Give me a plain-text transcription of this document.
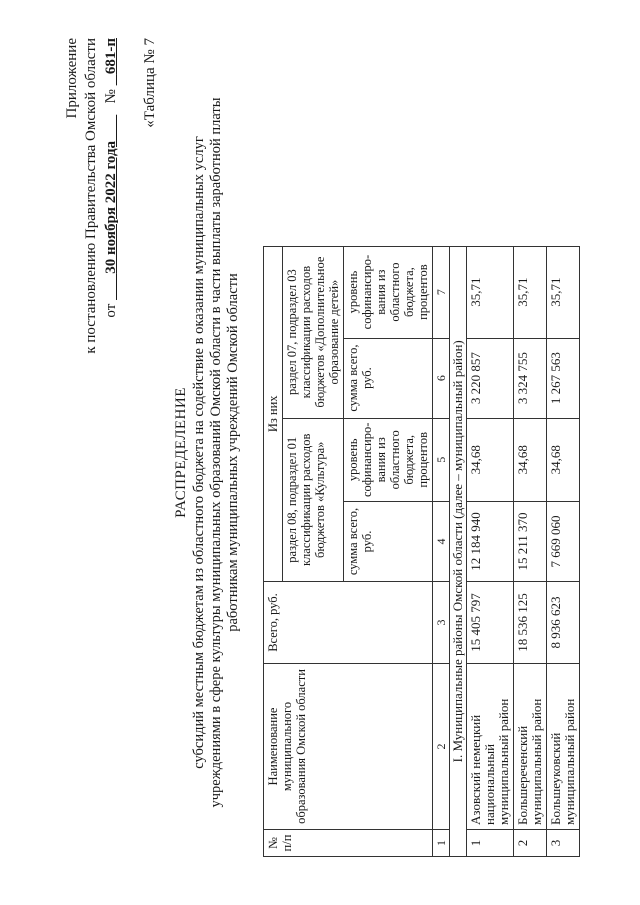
Приложение к постановлению Правительства Омской области от        30 ноября 2022 года          №    681-п «Таблица № 7
РАСПРЕДЕЛЕНИЕ субсидий местным бюджетам из областного бюджета на содействие в оказании муниципальных услуг учреждениями в сфере культуры муниципальных образований Омской области в части выплаты заработной платы работникам муниципальных учреждений Омской области
№ п/п	Наименование муниципального образования Омской области	Всего, руб.	Из них			
			раздел 08, подраздел 01 классификации расходов бюджетов «Культура»		раздел 07, подраздел 03 классификации расходов бюджетов «Дополнительное образование детей»	
			сумма всего, руб.	уровень софинансиро-вания из областного бюджета, процентов	сумма всего, руб.	уровень софинансиро-вания из областного бюджета, процентов
1	2	3	4	5	6	7
I. Муниципальные районы Омской области (далее – муниципальный район)						
1	Азовский немецкий национальный муниципальный район	15 405 797	12 184 940	34,68	3 220 857	35,71
2	Большереченский муниципальный район	18 536 125	15 211 370	34,68	3 324 755	35,71
3	Большеуковский муниципальный район	8 936 623	7 669 060	34,68	1 267 563	35,71
